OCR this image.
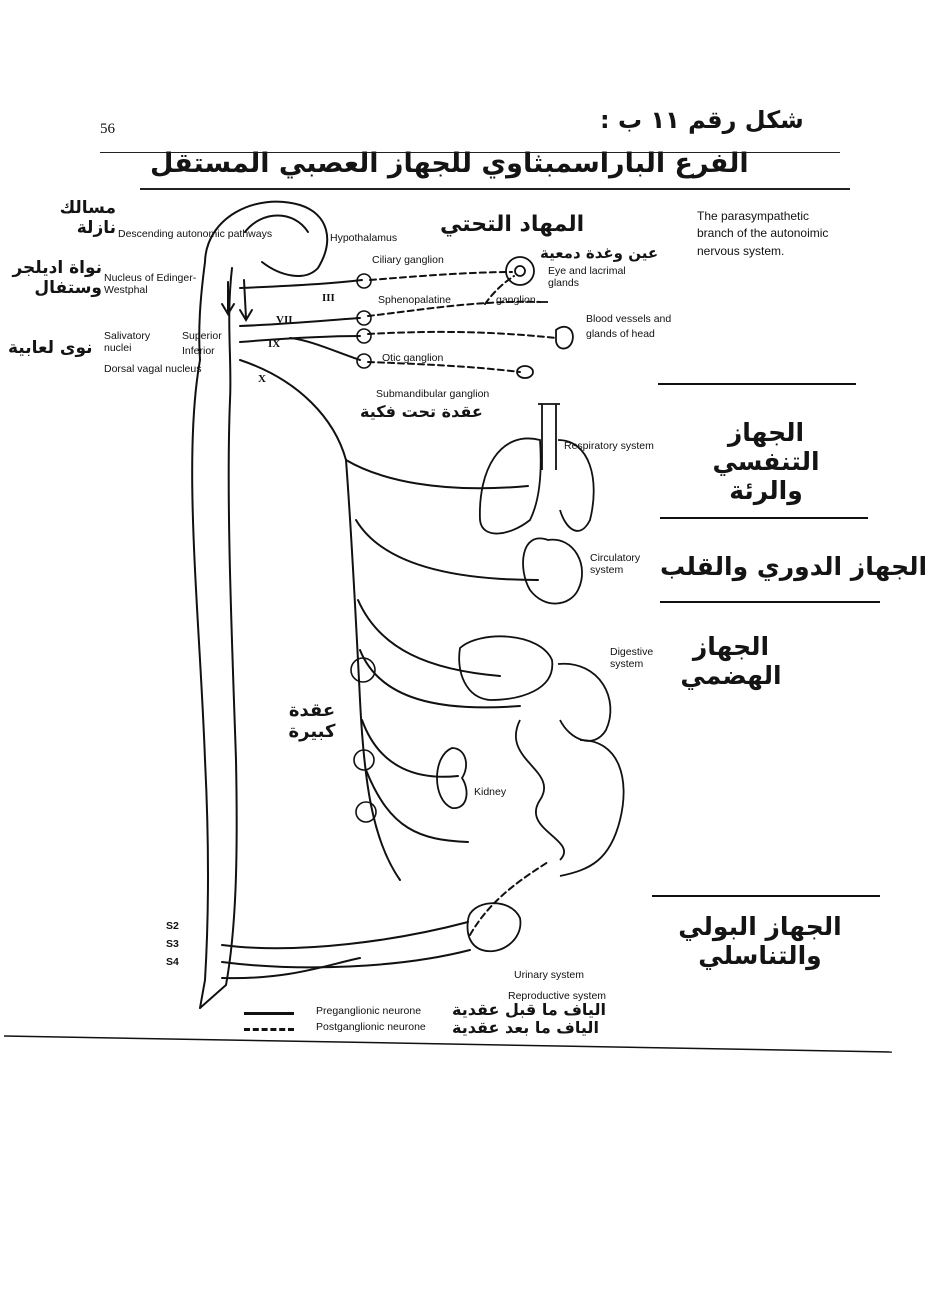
56	شكل رقم ١١ ب :
الفرع الباراسمبثاوي للجهاز العصبي المستقل
The parasympathetic branch of the autonoimic nervous system.
Descending autonomic pathways	Hypothalamus
Nucleus of Edinger-Westphal
Salivatory nuclei
Superior
Inferior
Dorsal vagal nucleus
III
VII
IX
X
Ciliary ganglion
Eye and lacrimal glands
Sphenopalatine	ganglion
Blood vessels and glands of head
Otic ganglion
Submandibular ganglion
Respiratory system
Circulatory system
Digestive system
Kidney
Urinary system
Reproductive system
S2
S3
S4
Preganglionic neurone
Postganglionic neurone
المهاد التحتي
مسالك نازلة
نواة اديلجر وستفال
نوى لعابية
عين وغدة دمعية
عقدة تحت فكية
الجهاز التنفسي والرئة
الجهاز الدوري والقلب
الجهاز الهضمي
عقدة كبيرة
الجهاز البولي والتناسلي
الياف ما قبل عقدية
الياف ما بعد عقدية
